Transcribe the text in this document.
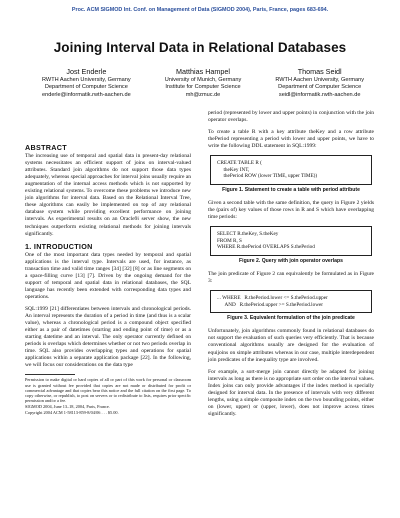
Proc. ACM SIGMOD Int. Conf. on Management of Data (SIGMOD 2004), Paris, France, pages 683-694.
Joining Interval Data in Relational Databases
Jost Enderle
RWTH Aachen University, Germany
Department of Computer Science
enderle@informatik.rwth-aachen.de
Matthias Hampel
University of Munich, Germany
Institute for Computer Science
mh@zmuc.de
Thomas Seidl
RWTH Aachen University, Germany
Department of Computer Science
seidl@informatik.rwth-aachen.de
ABSTRACT

The increasing use of temporal and spatial data in present-day relational systems necessitates an efficient support of joins on interval-valued attributes. Standard join algorithms do not support those data types adequately, whereas special approaches for interval joins usually require an augmentation of the internal access methods which is not supported by existing relational systems. To overcome these problems we introduce new join algorithms for interval data. Based on the Relational Interval Tree, these algorithms can easily be implemented on top of any relational database system while providing excellent performance on joining intervals. As experimental results on an Oracle9i server show, the new techniques outperform existing relational methods for joining intervals significantly.

1. INTRODUCTION

One of the most important data types needed by temporal and spatial applications is the interval type. Intervals are used, for instance, as transaction time and valid time ranges [34] [32] [8] or as line segments on a space-filling curve [13] [7]. Driven by the ongoing demand for the support of temporal and spatial data in relational databases, the SQL language has recently been extended with corresponding data types and operations.

SQL:1999 [21] differentiates between intervals and chronological periods. An interval represents the duration of a period in time (and thus is a scalar value), whereas a chronological period is a compound object specified either as a pair of datetimes (starting and ending point of time) or as a starting datetime and an interval. The only operator currently defined on periods is overlaps which determines whether or not two periods overlap in time. SQL also provides overlapping types and operations for spatial applications within a separate application package [22]. In the following, we will focus our considerations on the data type

Permission to make digital or hard copies of all or part of this work for personal or classroom use is granted without fee provided that copies are not made or distributed for profit or commercial advantage and that copies bear this notice and the full citation on the first page. To copy otherwise, or republish, to post on servers or to redistribute to lists, requires prior specific permission and/or a fee.
SIGMOD 2004, June 13–18, 2004, Paris, France.
Copyright 2004 ACM 1-58113-859-8/04/06 . . . $5.00.

period (represented by lower and upper points) in conjunction with the join operator overlaps.

To create a table R with a key attribute theKey and a row attribute thePeriod representing a period with lower and upper points, we have to write the following DDL statement in SQL:1999:

CREATE TABLE R (
theKey INT,
thePeriod ROW (lower TIME, upper TIME))
Figure 1. Statement to create a table with period attribute

Given a second table with the same definition, the query in Figure 2 yields the (pairs of) key values of those rows in R and S which have overlapping time periods:

SELECT R.theKey, S.theKey
FROM R, S
WHERE R.thePeriod OVERLAPS S.thePeriod
Figure 2. Query with join operator overlaps

The join predicate of Figure 2 can equivalently be formulated as in Figure 3:

... WHERE   R.thePeriod.lower <= S.thePeriod.upper
AND   R.thePeriod.upper >= S.thePeriod.lower
Figure 3. Equivalent formulation of the join predicate

Unfortunately, join algorithms commonly found in relational databases do not support the evaluation of such queries very efficiently. That is because conventional algorithms usually are designed for the evaluation of equijoins on simple attributes whereas in our case, multiple interdependent join predicates of the inequality type are involved.

For example, a sort-merge join cannot directly be adapted for joining intervals as long as there is no appropriate sort order on the interval values. Index joins can only provide advantages if the index method is specially designed for interval data. In the presence of intervals with very different lengths, using a simple composite index on the two bounding points, either on (lower, upper) or (upper, lower), does not improve access times significantly.
